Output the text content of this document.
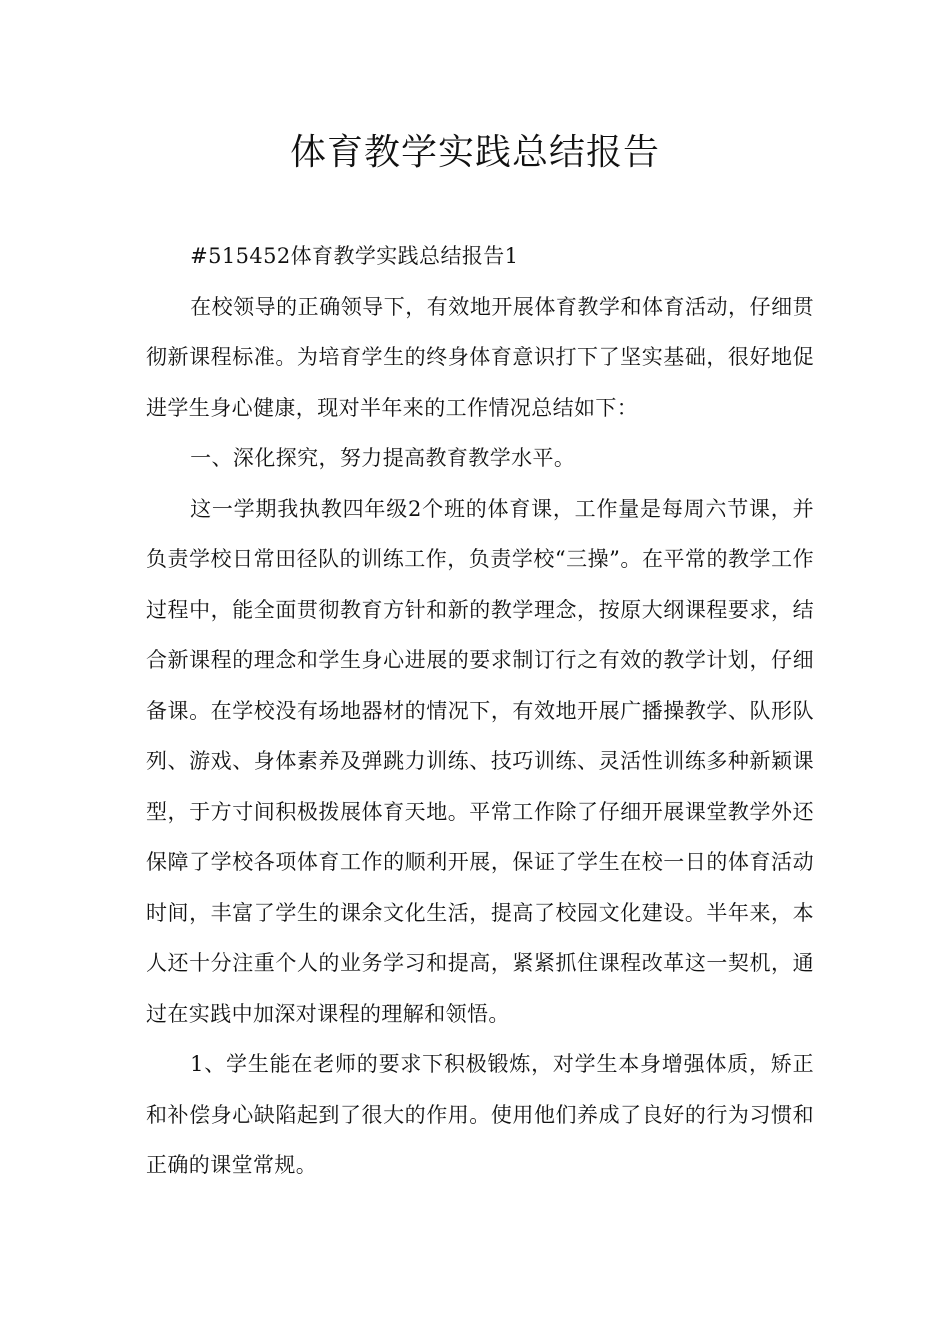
体育教学实践总结报告

#515452体育教学实践总结报告1

在校领导的正确领导下，有效地开展体育教学和体育活动，仔细贯彻新课程标准。为培育学生的终身体育意识打下了坚实基础，很好地促进学生身心健康，现对半年来的工作情况总结如下：

一、深化探究，努力提高教育教学水平。

这一学期我执教四年级2个班的体育课，工作量是每周六节课，并负责学校日常田径队的训练工作，负责学校“三操”。在平常的教学工作过程中，能全面贯彻教育方针和新的教学理念，按原大纲课程要求，结合新课程的理念和学生身心进展的要求制订行之有效的教学计划，仔细备课。在学校没有场地器材的情况下，有效地开展广播操教学、队形队列、游戏、身体素养及弹跳力训练、技巧训练、灵活性训练多种新颖课型，于方寸间积极拨展体育天地。平常工作除了仔细开展课堂教学外还保障了学校各项体育工作的顺利开展，保证了学生在校一日的体育活动时间，丰富了学生的课余文化生活，提高了校园文化建设。半年来，本人还十分注重个人的业务学习和提高，紧紧抓住课程改革这一契机，通过在实践中加深对课程的理解和领悟。

1、学生能在老师的要求下积极锻炼，对学生本身增强体质，矫正和补偿身心缺陷起到了很大的作用。使用他们养成了良好的行为习惯和正确的课堂常规。
